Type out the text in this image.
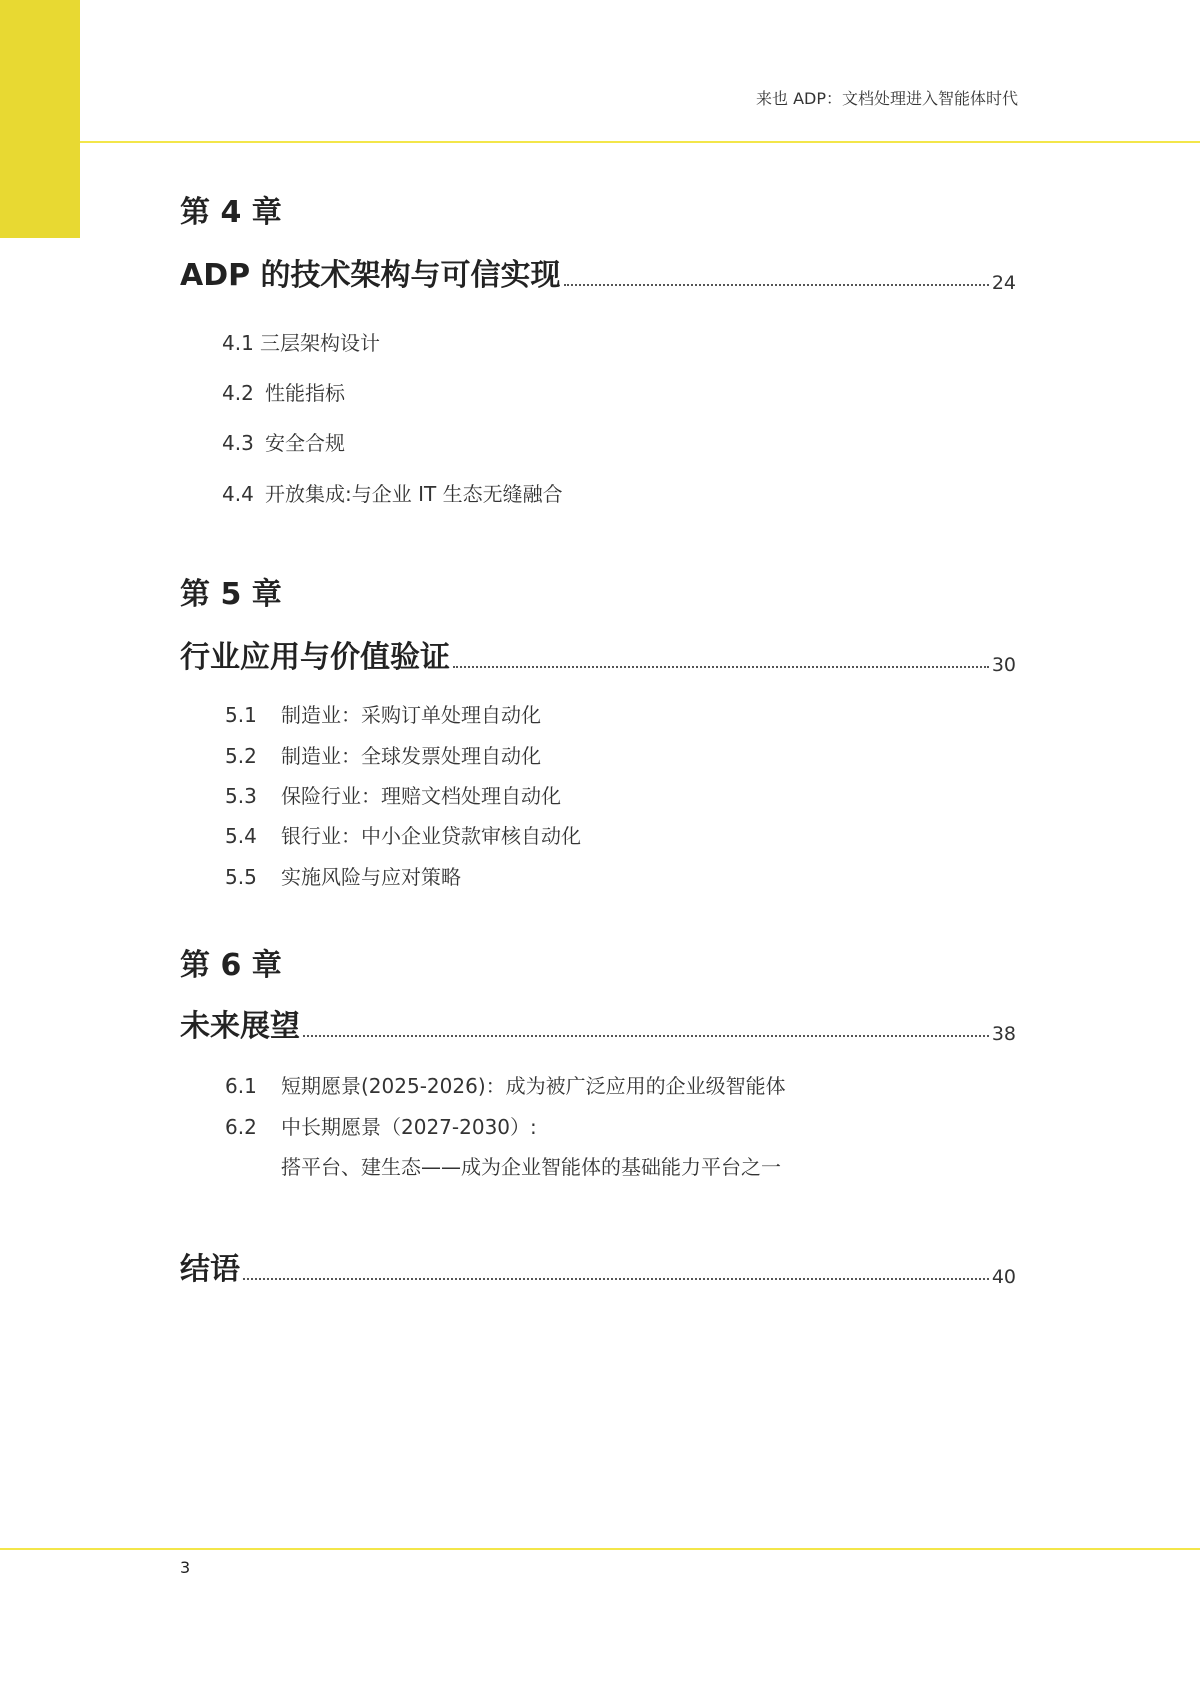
来也 ADP：文档处理进入智能体时代
第 4 章
ADP 的技术架构与可信实现	24
4.1 三层架构设计
4.2 性能指标
4.3 安全合规
4.4 开放集成:与企业 IT 生态无缝融合
第 5 章
行业应用与价值验证	30
5.1 制造业：采购订单处理自动化
5.2 制造业：全球发票处理自动化
5.3 保险行业：理赔文档处理自动化
5.4 银行业：中小企业贷款审核自动化
5.5 实施风险与应对策略
第 6 章
未来展望	38
6.1 短期愿景(2025-2026)：成为被广泛应用的企业级智能体
6.2 中长期愿景（2027-2030）:
搭平台、建生态——成为企业智能体的基础能力平台之一
结语	40
3
